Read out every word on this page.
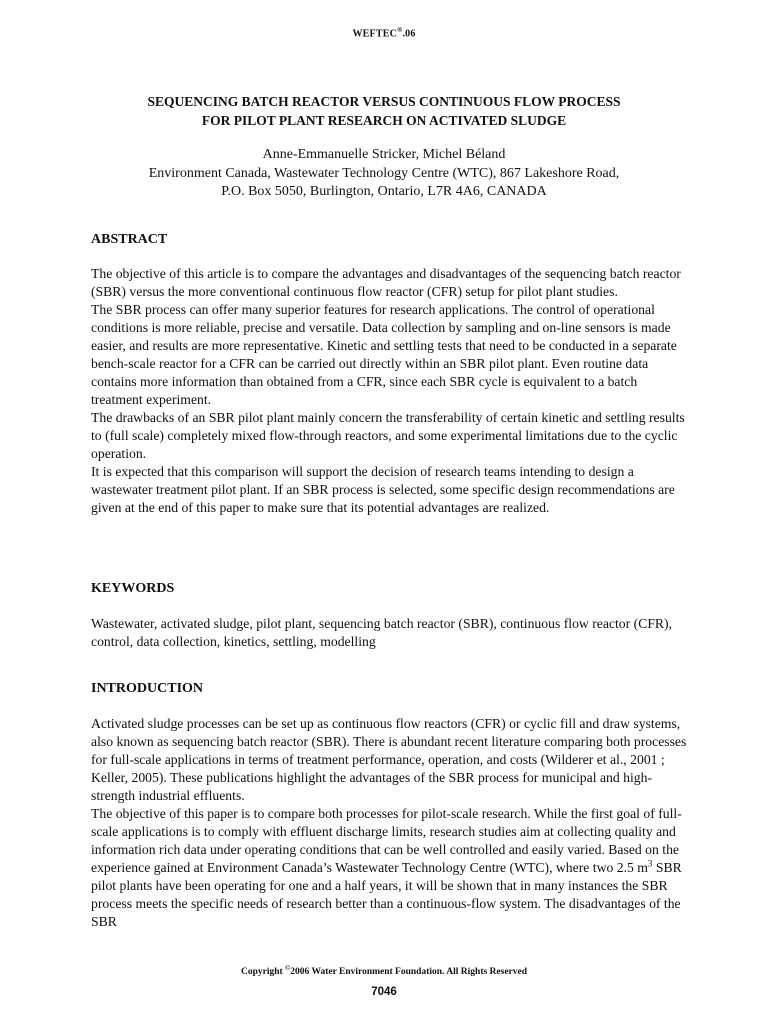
WEFTEC®.06
SEQUENCING BATCH REACTOR VERSUS CONTINUOUS FLOW PROCESS
FOR PILOT PLANT RESEARCH ON ACTIVATED SLUDGE
Anne-Emmanuelle Stricker, Michel Béland
Environment Canada, Wastewater Technology Centre (WTC), 867 Lakeshore Road,
P.O. Box 5050, Burlington, Ontario, L7R 4A6, CANADA
ABSTRACT

The objective of this article is to compare the advantages and disadvantages of the sequencing batch reactor (SBR) versus the more conventional continuous flow reactor (CFR) setup for pilot plant studies.

The SBR process can offer many superior features for research applications. The control of operational conditions is more reliable, precise and versatile. Data collection by sampling and on-line sensors is made easier, and results are more representative. Kinetic and settling tests that need to be conducted in a separate bench-scale reactor for a CFR can be carried out directly within an SBR pilot plant. Even routine data contains more information than obtained from a CFR, since each SBR cycle is equivalent to a batch treatment experiment.

The drawbacks of an SBR pilot plant mainly concern the transferability of certain kinetic and settling results to (full scale) completely mixed flow-through reactors, and some experimental limitations due to the cyclic operation.

It is expected that this comparison will support the decision of research teams intending to design a wastewater treatment pilot plant. If an SBR process is selected, some specific design recommendations are given at the end of this paper to make sure that its potential advantages are realized.

KEYWORDS

Wastewater, activated sludge, pilot plant, sequencing batch reactor (SBR), continuous flow reactor (CFR), control, data collection, kinetics, settling, modelling

INTRODUCTION

Activated sludge processes can be set up as continuous flow reactors (CFR) or cyclic fill and draw systems, also known as sequencing batch reactor (SBR). There is abundant recent literature comparing both processes for full-scale applications in terms of treatment performance, operation, and costs (Wilderer et al., 2001 ; Keller, 2005). These publications highlight the advantages of the SBR process for municipal and high-strength industrial effluents.

The objective of this paper is to compare both processes for pilot-scale research. While the first goal of full-scale applications is to comply with effluent discharge limits, research studies aim at collecting quality and information rich data under operating conditions that can be well controlled and easily varied. Based on the experience gained at Environment Canada’s Wastewater Technology Centre (WTC), where two 2.5 $m^3$ SBR pilot plants have been operating for one and a half years, it will be shown that in many instances the SBR process meets the specific needs of research better than a continuous-flow system. The disadvantages of the SBR

Copyright ©2006 Water Environment Foundation. All Rights Reserved
7046
